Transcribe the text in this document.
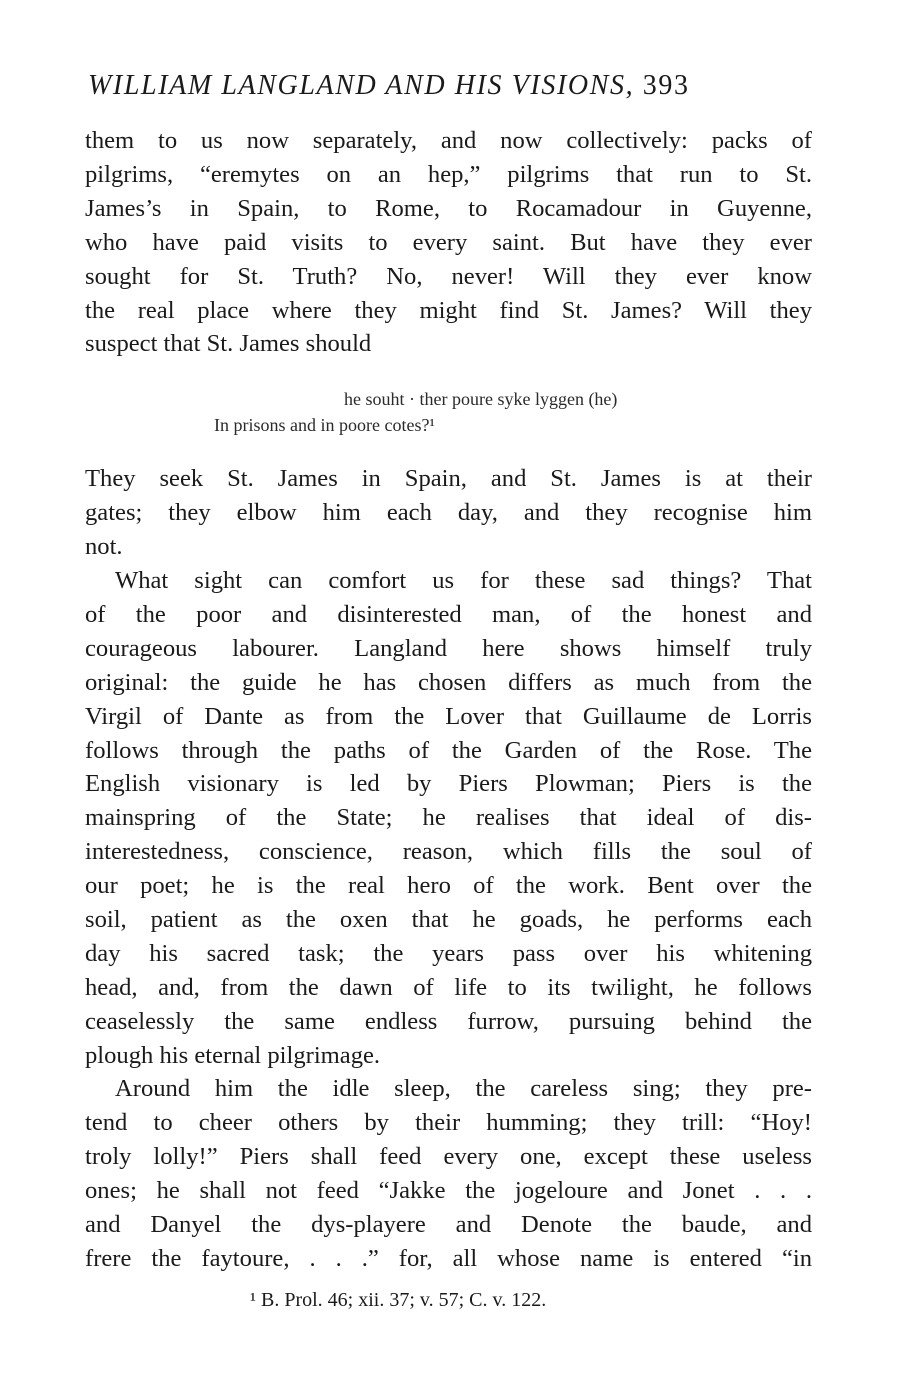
WILLIAM LANGLAND AND HIS VISIONS, 393
them to us now separately, and now collectively: packs of
pilgrims, “eremytes on an hep,” pilgrims that run to St.
James’s in Spain, to Rome, to Rocamadour in Guyenne,
who have paid visits to every saint. But have they ever
sought for St. Truth? No, never! Will they ever know
the real place where they might find St. James? Will they
suspect that St. James should
he souht · ther poure syke lyggen (he)
In prisons and in poore cotes?¹
They seek St. James in Spain, and St. James is at their
gates; they elbow him each day, and they recognise him
not.
What sight can comfort us for these sad things? That
of the poor and disinterested man, of the honest and
courageous labourer. Langland here shows himself truly
original: the guide he has chosen differs as much from the
Virgil of Dante as from the Lover that Guillaume de Lorris
follows through the paths of the Garden of the Rose. The
English visionary is led by Piers Plowman; Piers is the
mainspring of the State; he realises that ideal of dis-
interestedness, conscience, reason, which fills the soul of
our poet; he is the real hero of the work. Bent over the
soil, patient as the oxen that he goads, he performs each
day his sacred task; the years pass over his whitening
head, and, from the dawn of life to its twilight, he follows
ceaselessly the same endless furrow, pursuing behind the
plough his eternal pilgrimage.
Around him the idle sleep, the careless sing; they pre-
tend to cheer others by their humming; they trill: “Hoy!
troly lolly!” Piers shall feed every one, except these useless
ones; he shall not feed “Jakke the jogeloure and Jonet . . .
and Danyel the dys-playere and Denote the baude, and
frere the faytoure, . . .” for, all whose name is entered “in
¹ B. Prol. 46; xii. 37; v. 57; C. v. 122.
